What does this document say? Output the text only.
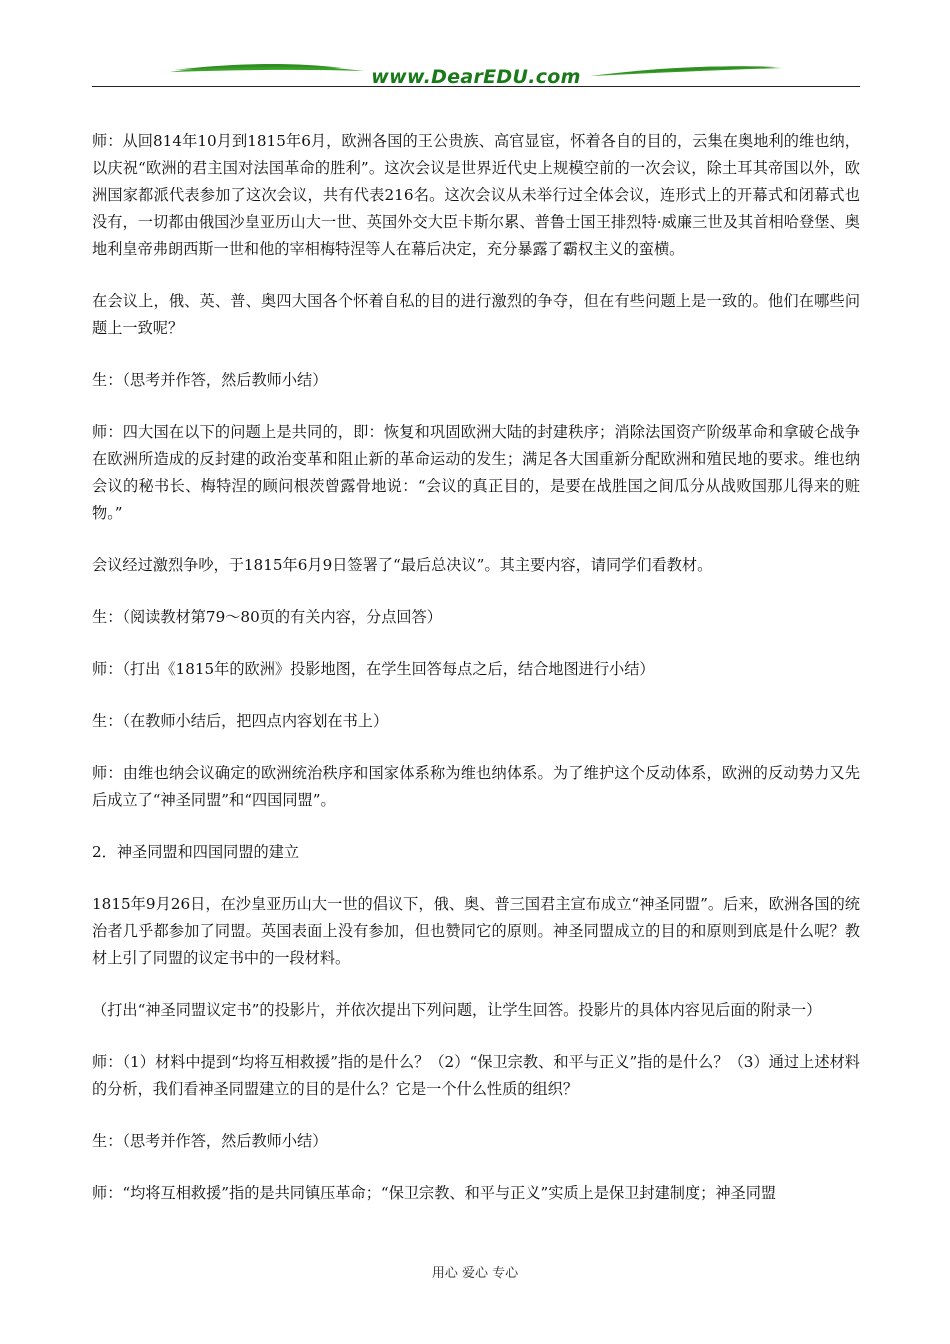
www.DearEDU.com

师：从回814年10月到1815年6月，欧洲各国的王公贵族、高官显宦，怀着各自的目的，云集在奥地利的维也纳，以庆祝“欧洲的君主国对法国革命的胜利”。这次会议是世界近代史上规模空前的一次会议，除土耳其帝国以外，欧洲国家都派代表参加了这次会议，共有代表216名。这次会议从未举行过全体会议，连形式上的开幕式和闭幕式也没有，一切都由俄国沙皇亚历山大一世、英国外交大臣卡斯尔累、普鲁士国王排烈特·威廉三世及其首相哈登堡、奥地利皇帝弗朗西斯一世和他的宰相梅特涅等人在幕后决定，充分暴露了霸权主义的蛮横。

在会议上，俄、英、普、奥四大国各个怀着自私的目的进行激烈的争夺，但在有些问题上是一致的。他们在哪些问题上一致呢？

生：（思考并作答，然后教师小结）

师：四大国在以下的问题上是共同的，即：恢复和巩固欧洲大陆的封建秩序；消除法国资产阶级革命和拿破仑战争在欧洲所造成的反封建的政治变革和阻止新的革命运动的发生；满足各大国重新分配欧洲和殖民地的要求。维也纳会议的秘书长、梅特涅的顾问根茨曾露骨地说：“会议的真正目的，是要在战胜国之间瓜分从战败国那儿得来的赃物。”

会议经过激烈争吵，于1815年6月9日签署了“最后总决议”。其主要内容，请同学们看教材。

生：（阅读教材第79～80页的有关内容，分点回答）

师：（打出《1815年的欧洲》投影地图，在学生回答每点之后，结合地图进行小结）

生：（在教师小结后，把四点内容划在书上）

师：由维也纳会议确定的欧洲统治秩序和国家体系称为维也纳体系。为了维护这个反动体系，欧洲的反动势力又先后成立了“神圣同盟”和“四国同盟”。

2．神圣同盟和四国同盟的建立

1815年9月26日，在沙皇亚历山大一世的倡议下，俄、奥、普三国君主宣布成立“神圣同盟”。后来，欧洲各国的统治者几乎都参加了同盟。英国表面上没有参加，但也赞同它的原则。神圣同盟成立的目的和原则到底是什么呢？教材上引了同盟的议定书中的一段材料。

（打出“神圣同盟议定书”的投影片，并依次提出下列问题，让学生回答。投影片的具体内容见后面的附录一）

师：（1）材料中提到“均将互相救援”指的是什么？（2）“保卫宗教、和平与正义”指的是什么？（3）通过上述材料的分析，我们看神圣同盟建立的目的是什么？它是一个什么性质的组织？

生：（思考并作答，然后教师小结）

师：“均将互相救援”指的是共同镇压革命；“保卫宗教、和平与正义”实质上是保卫封建制度；神圣同盟

用心 爱心 专心
